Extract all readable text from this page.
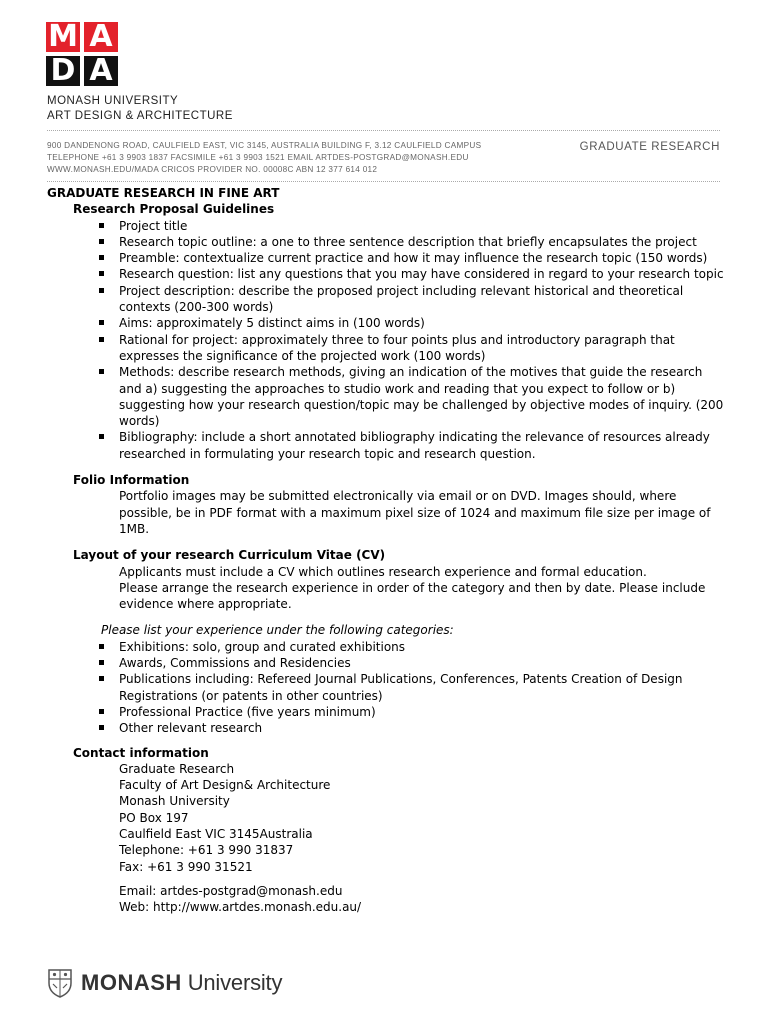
M A
D A
MONASH UNIVERSITY
ART DESIGN & ARCHITECTURE
900 DANDENONG ROAD, CAULFIELD EAST, VIC 3145, AUSTRALIA BUILDING F, 3.12 CAULFIELD CAMPUS
TELEPHONE +61 3 9903 1837 FACSIMILE +61 3 9903 1521 EMAIL ARTDES-POSTGRAD@MONASH.EDU
WWW.MONASH.EDU/MADA CRICOS PROVIDER NO. 00008C ABN 12 377 614 012
GRADUATE RESEARCH

GRADUATE RESEARCH IN FINE ART

Research Proposal Guidelines

Project title
Research topic outline: a one to three sentence description that briefly encapsulates the project
Preamble: contextualize current practice and how it may influence the research topic (150 words)
Research question: list any questions that you may have considered in regard to your research topic
Project description: describe the proposed project including relevant historical and theoretical contexts (200-300 words)
Aims: approximately 5 distinct aims in (100 words)
Rational for project: approximately three to four points plus and introductory paragraph that expresses the significance of the projected work (100 words)
Methods: describe research methods, giving an indication of the motives that guide the research and a) suggesting the approaches to studio work and reading that you expect to follow or b) suggesting how your research question/topic may be challenged by objective modes of inquiry. (200 words)
Bibliography: include a short annotated bibliography indicating the relevance of resources already researched in formulating your research topic and research question.

Folio Information

Portfolio images may be submitted electronically via email or on DVD. Images should, where possible, be in PDF format with a maximum pixel size of 1024 and maximum file size per image of 1MB.

Layout of your research Curriculum Vitae (CV)

Applicants must include a CV which outlines research experience and formal education.

Please arrange the research experience in order of the category and then by date. Please include evidence where appropriate.

Please list your experience under the following categories:

Exhibitions: solo, group and curated exhibitions
Awards, Commissions and Residencies
Publications including: Refereed Journal Publications, Conferences, Patents Creation of Design Registrations (or patents in other countries)
Professional Practice (five years minimum)
Other relevant research

Contact information

Graduate Research

Faculty of Art Design& Architecture

Monash University

PO Box 197

Caulfield East VIC 3145Australia

Telephone: +61 3 990 31837

Fax: +61 3 990 31521

Email: artdes-postgrad@monash.edu

Web: http://www.artdes.monash.edu.au/

MONASH University
